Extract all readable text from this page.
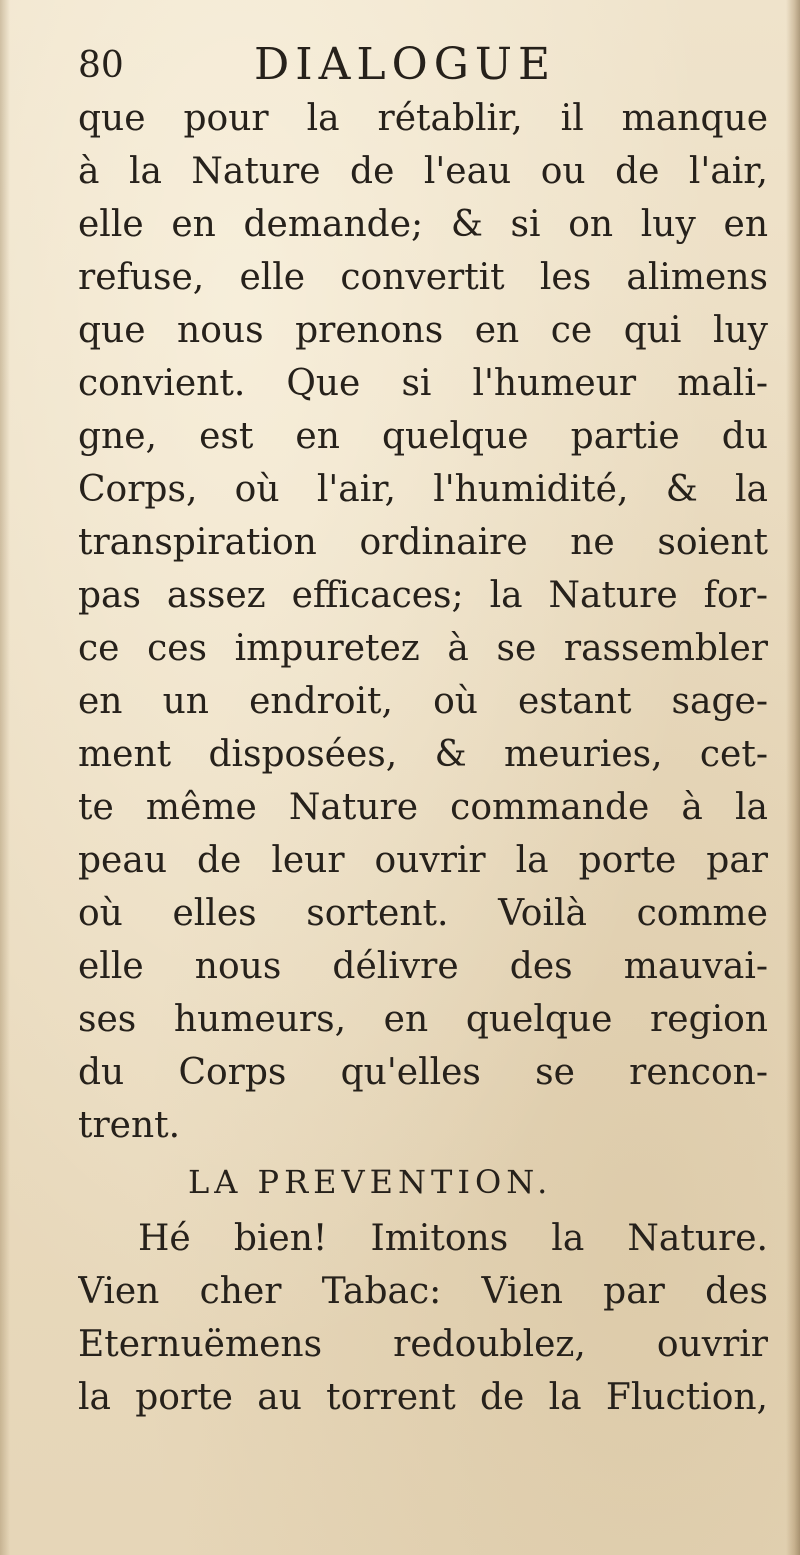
80	DIALOGUE
que pour la rétablir, il manque
à la Nature de l'eau ou de l'air,
elle en demande; & si on luy en
refuse, elle convertit les alimens
que nous prenons en ce qui luy
convient. Que si l'humeur mali-
gne, est en quelque partie du
Corps, où l'air, l'humidité, & la
transpiration ordinaire ne soient
pas assez efficaces; la Nature for-
ce ces impuretez à se rassembler
en un endroit, où estant sage-
ment disposées, & meuries, cet-
te même Nature commande à la
peau de leur ouvrir la porte par
où elles sortent. Voilà comme
elle nous délivre des mauvai-
ses humeurs, en quelque region
du Corps qu'elles se rencon-
trent.
LA PREVENTION.
Hé bien! Imitons la Nature.
Vien cher Tabac: Vien par des
Eternuëmens redoublez, ouvrir
la porte au torrent de la Fluction,
